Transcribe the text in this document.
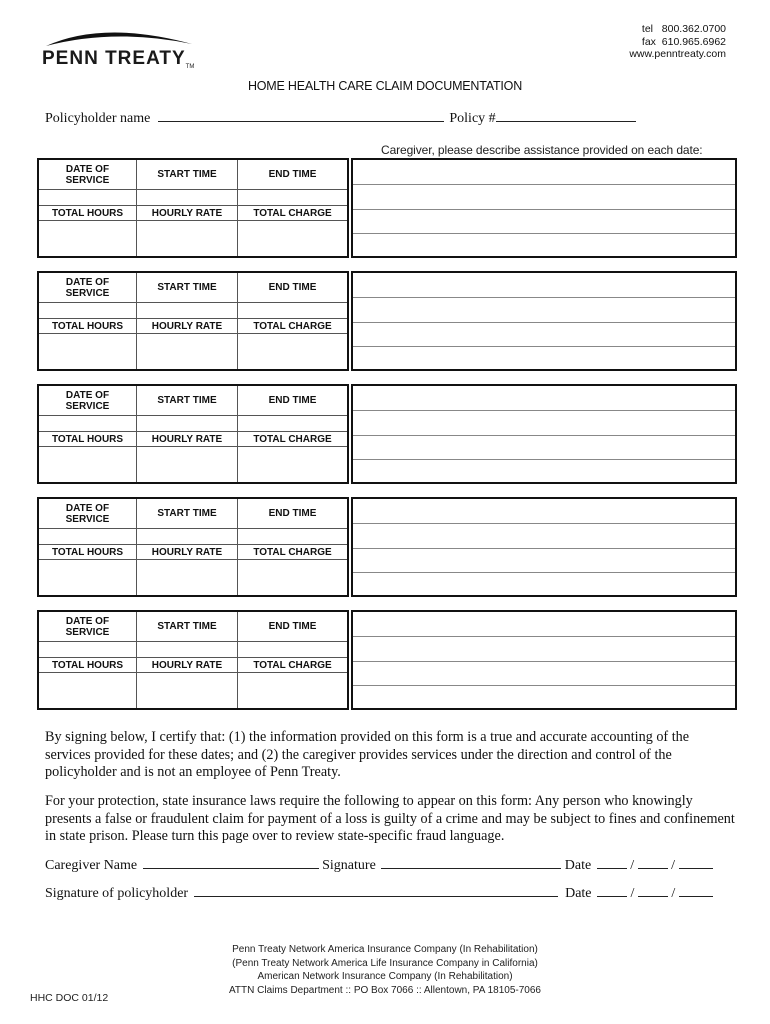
PENN TREATYTM
tel   800.362.0700
fax  610.965.6962
www.penntreaty.com
HOME HEALTH CARE CLAIM DOCUMENTATION
Policyholder name	Policy #
Caregiver, please describe assistance provided on each date:
DATE OF SERVICE	START TIME	END TIME
TOTAL HOURS	HOURLY RATE	TOTAL CHARGE
DATE OF SERVICE	START TIME	END TIME
TOTAL HOURS	HOURLY RATE	TOTAL CHARGE
DATE OF SERVICE	START TIME	END TIME
TOTAL HOURS	HOURLY RATE	TOTAL CHARGE
DATE OF SERVICE	START TIME	END TIME
TOTAL HOURS	HOURLY RATE	TOTAL CHARGE
DATE OF SERVICE	START TIME	END TIME
TOTAL HOURS	HOURLY RATE	TOTAL CHARGE
By signing below, I certify that: (1) the information provided on this form is a true and accurate accounting of the services provided for these dates; and (2) the caregiver provides services under the direction and control of the policyholder and is not an employee of Penn Treaty.
For your protection, state insurance laws require the following to appear on this form: Any person who knowingly presents a false or fraudulent claim for payment of a loss is guilty of a crime and may be subject to fines and confinement in state prison. Please turn this page over to review state-specific fraud language.
Caregiver Name	Signature	Date	/  /
Signature of policyholder	Date	/  /
Penn Treaty Network America Insurance Company (In Rehabilitation)
(Penn Treaty Network America Life Insurance Company in California)
American Network Insurance Company (In Rehabilitation)
ATTN Claims Department :: PO Box 7066 :: Allentown, PA 18105-7066
HHC DOC 01/12
